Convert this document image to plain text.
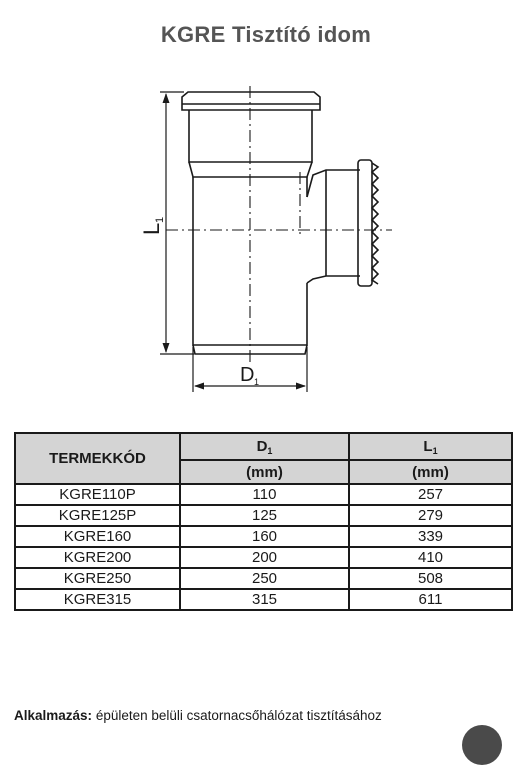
KGRE Tisztító idom
L
1
D 1
TERMEKKÓD	$D_1$	$L_1$
	(mm)	(mm)
KGRE110P	110	257
KGRE125P	125	279
KGRE160	160	339
KGRE200	200	410
KGRE250	250	508
KGRE315	315	611
Alkalmazás: épületen belüli csatornacsőhálózat tisztításához
